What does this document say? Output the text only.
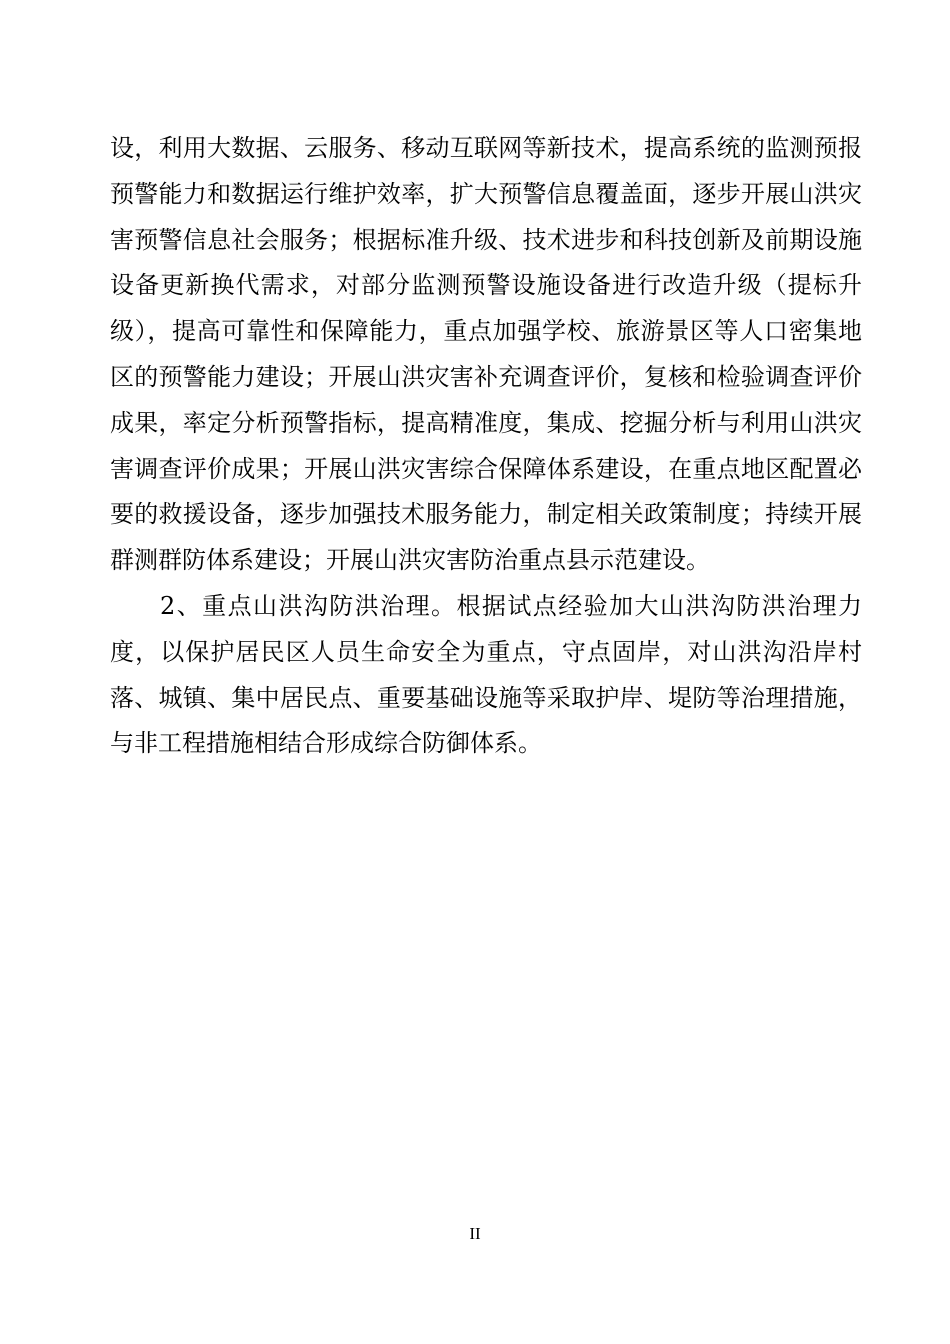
设，利用大数据、云服务、移动互联网等新技术，提高系统的监测预报预警能力和数据运行维护效率，扩大预警信息覆盖面，逐步开展山洪灾害预警信息社会服务；根据标准升级、技术进步和科技创新及前期设施设备更新换代需求，对部分监测预警设施设备进行改造升级（提标升级），提高可靠性和保障能力，重点加强学校、旅游景区等人口密集地区的预警能力建设；开展山洪灾害补充调查评价，复核和检验调查评价成果，率定分析预警指标，提高精准度，集成、挖掘分析与利用山洪灾害调查评价成果；开展山洪灾害综合保障体系建设，在重点地区配置必要的救援设备，逐步加强技术服务能力，制定相关政策制度；持续开展群测群防体系建设；开展山洪灾害防治重点县示范建设。

2、重点山洪沟防洪治理。根据试点经验加大山洪沟防洪治理力度，以保护居民区人员生命安全为重点，守点固岸，对山洪沟沿岸村落、城镇、集中居民点、重要基础设施等采取护岸、堤防等治理措施，与非工程措施相结合形成综合防御体系。

II
